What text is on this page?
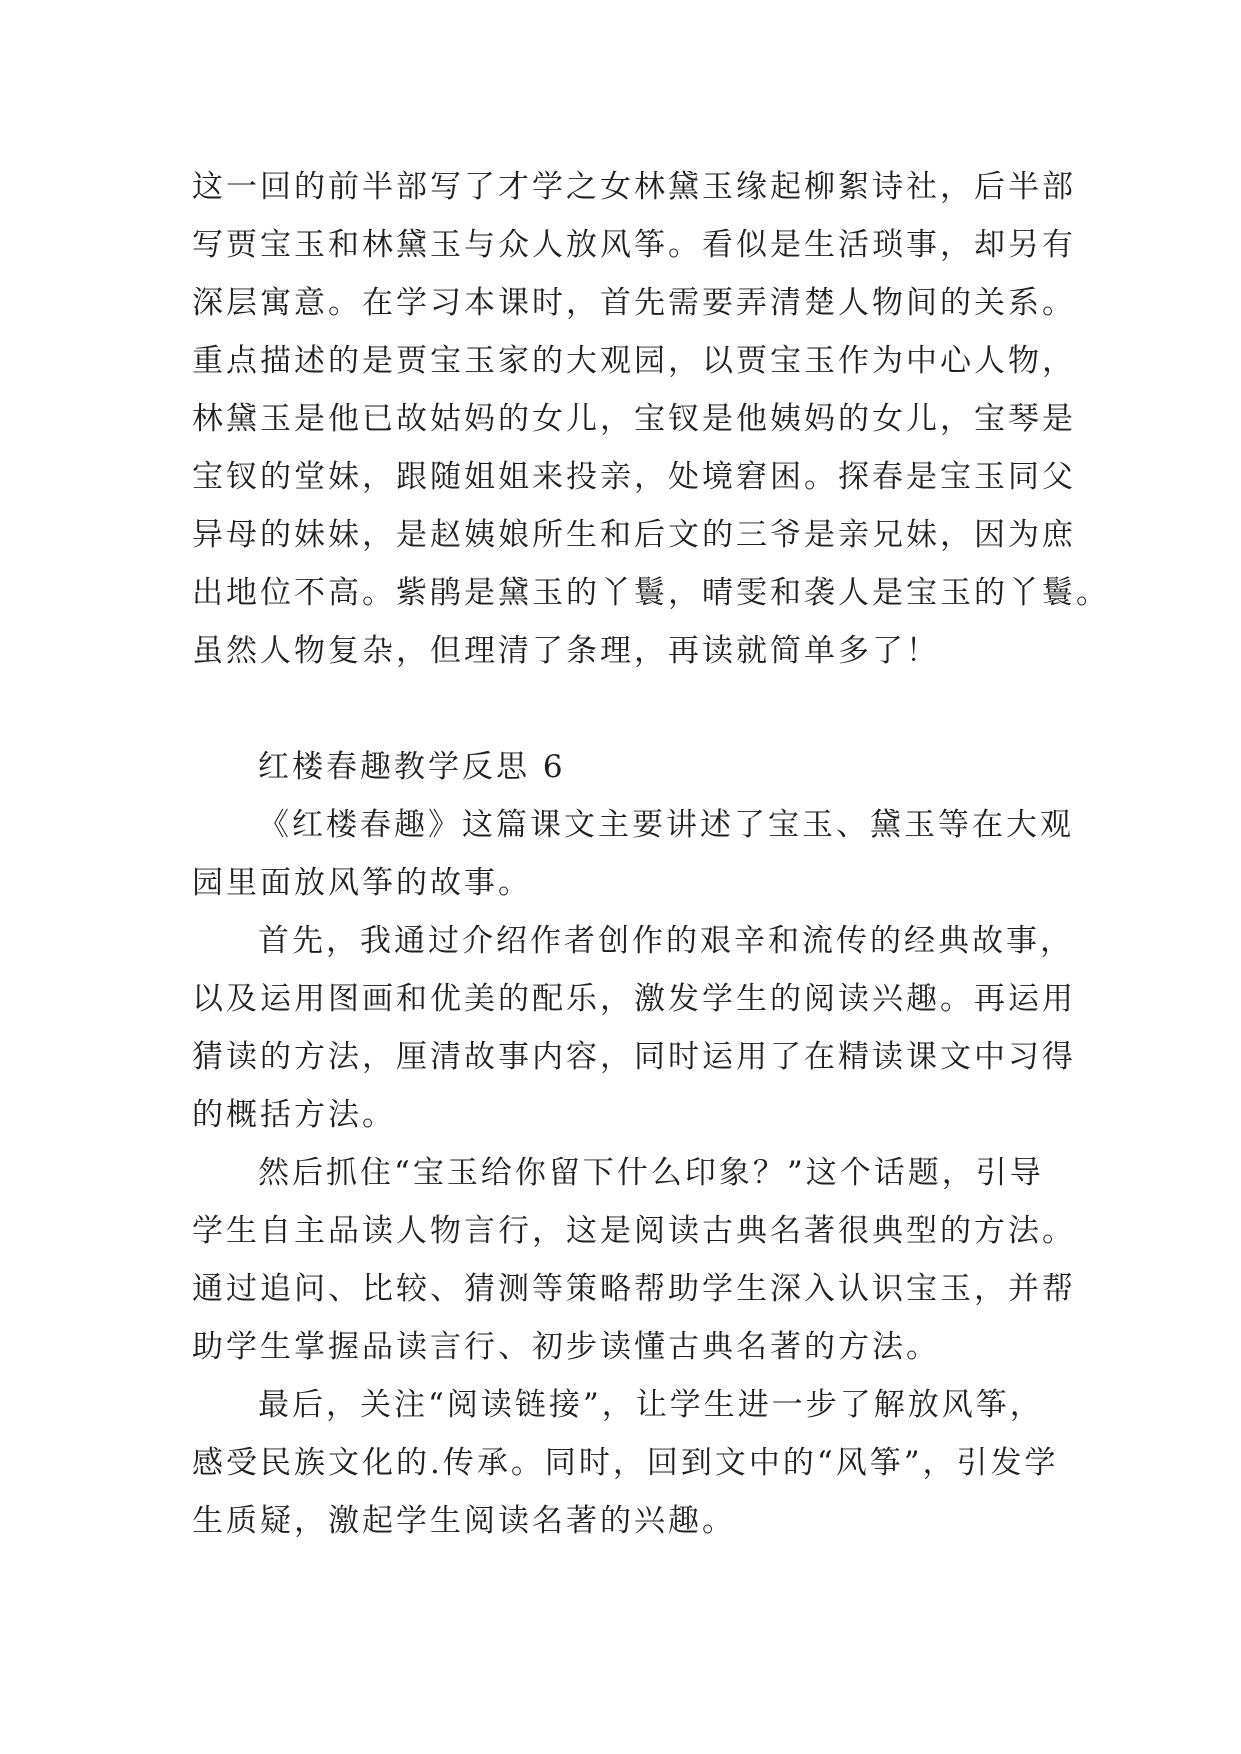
这一回的前半部写了才学之女林黛玉缘起柳絮诗社，后半部
写贾宝玉和林黛玉与众人放风筝。看似是生活琐事，却另有
深层寓意。在学习本课时，首先需要弄清楚人物间的关系。
重点描述的是贾宝玉家的大观园，以贾宝玉作为中心人物，
林黛玉是他已故姑妈的女儿，宝钗是他姨妈的女儿，宝琴是
宝钗的堂妹，跟随姐姐来投亲，处境窘困。探春是宝玉同父
异母的妹妹，是赵姨娘所生和后文的三爷是亲兄妹，因为庶
出地位不高。紫鹃是黛玉的丫鬟，晴雯和袭人是宝玉的丫鬟。
虽然人物复杂，但理清了条理，再读就简单多了！
红楼春趣教学反思 6
《红楼春趣》这篇课文主要讲述了宝玉、黛玉等在大观
园里面放风筝的故事。
首先，我通过介绍作者创作的艰辛和流传的经典故事，
以及运用图画和优美的配乐，激发学生的阅读兴趣。再运用
猜读的方法，厘清故事内容，同时运用了在精读课文中习得
的概括方法。
然后抓住“宝玉给你留下什么印象？”这个话题，引导
学生自主品读人物言行，这是阅读古典名著很典型的方法。
通过追问、比较、猜测等策略帮助学生深入认识宝玉，并帮
助学生掌握品读言行、初步读懂古典名著的方法。
最后，关注“阅读链接”，让学生进一步了解放风筝，
感受民族文化的.传承。同时，回到文中的“风筝”，引发学
生质疑，激起学生阅读名著的兴趣。
